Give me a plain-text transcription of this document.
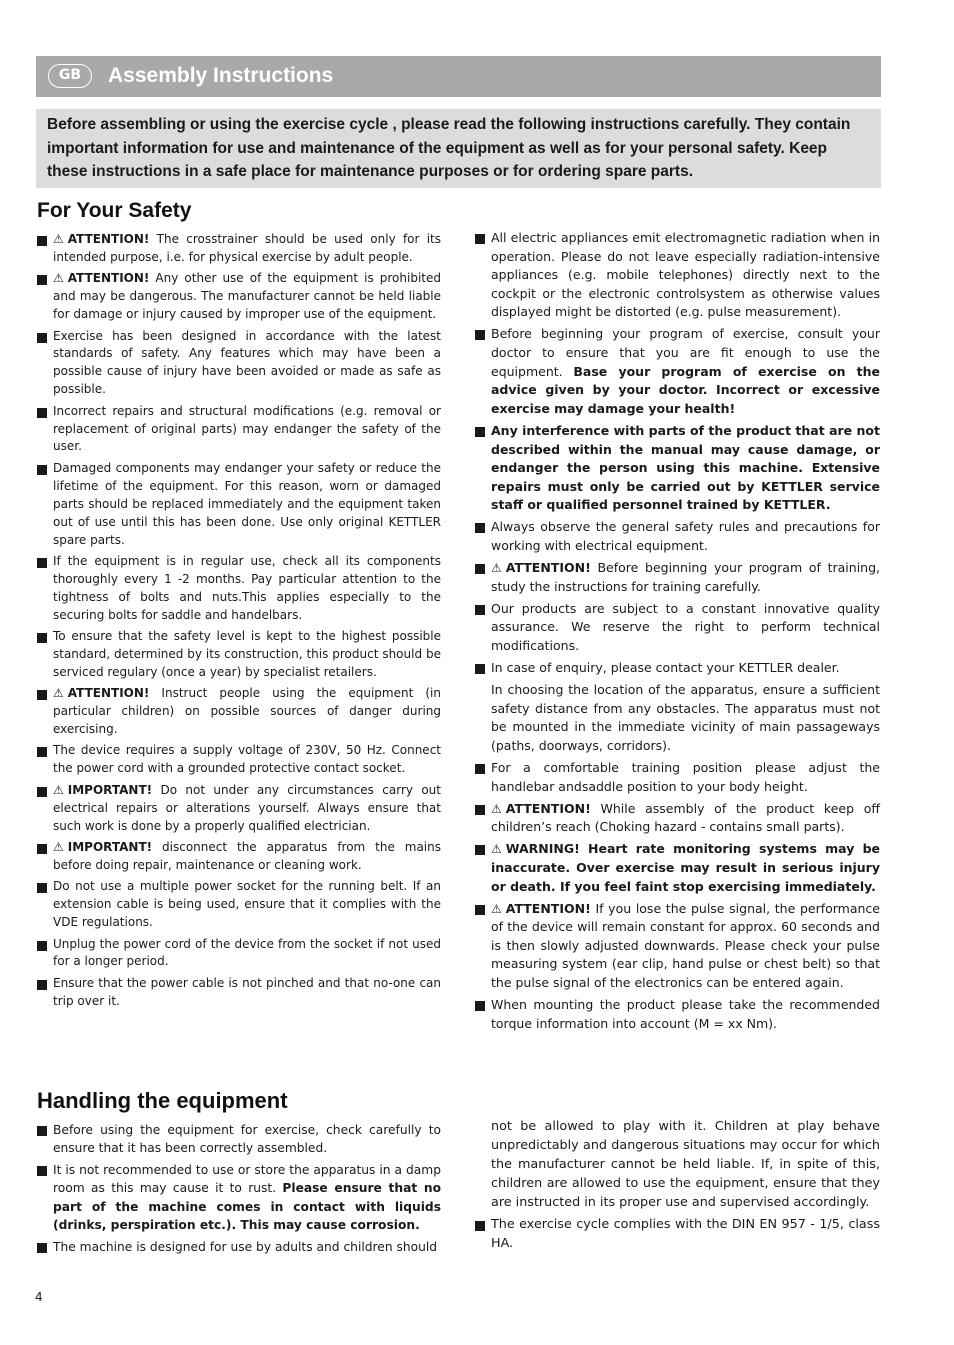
GB	Assembly Instructions
Before assembling or using the exercise cycle , please read the following instructions carefully. They contain important information for use and maintenance of the equipment as well as for your personal safety. Keep these instructions in a safe place for maintenance purposes or for ordering spare parts.
For Your Safety

⚠ ATTENTION! The crosstrainer should be used only for its intended purpose, i.e. for physical exercise by adult people.

⚠ ATTENTION! Any other use of the equipment is prohibited and may be dangerous. The manufacturer cannot be held liable for damage or injury caused by improper use of the equipment.

Exercise has been designed in accordance with the latest standards of safety. Any features which may have been a possible cause of injury have been avoided or made as safe as possible.

Incorrect repairs and structural modifications (e.g. removal or replacement of original parts) may endanger the safety of the user.

Damaged components may endanger your safety or reduce the lifetime of the equipment. For this reason, worn or damaged parts should be replaced immediately and the equipment taken out of use until this has been done. Use only original KETTLER spare parts.

If the equipment is in regular use, check all its components thoroughly every 1 -2 months. Pay particular attention to the tightness of bolts and nuts.This applies especially to the securing bolts for saddle and handelbars.

To ensure that the safety level is kept to the highest possible standard, determined by its construction, this product should be serviced regulary (once a year) by specialist retailers.

⚠ ATTENTION! Instruct people using the equipment (in particular children) on possible sources of danger during exercising.

The device requires a supply voltage of 230V, 50 Hz. Connect the power cord with a grounded protective contact socket.

⚠ IMPORTANT! Do not under any circumstances carry out electrical repairs or alterations yourself. Always ensure that such work is done by a properly qualified electrician.

⚠ IMPORTANT! disconnect the apparatus from the mains before doing repair, maintenance or cleaning work.

Do not use a multiple power socket for the running belt. If an extension cable is being used, ensure that it complies with the VDE regulations.

Unplug the power cord of the device from the socket if not used for a longer period.

Ensure that the power cable is not pinched and that no-one can trip over it.

All electric appliances emit electromagnetic radiation when in operation. Please do not leave especially radiation-intensive appliances (e.g. mobile telephones) directly next to the cockpit or the electronic controlsystem as otherwise values displayed might be distorted (e.g. pulse measurement).

Before beginning your program of exercise, consult your doctor to ensure that you are fit enough to use the equipment. Base your program of exercise on the advice given by your doctor. Incorrect or excessive exercise may damage your health!

Any interference with parts of the product that are not described within the manual may cause damage, or endanger the person using this machine. Extensive repairs must only be carried out by KETTLER service staff or qualified personnel trained by KETTLER.

Always observe the general safety rules and precautions for working with electrical equipment.

⚠ ATTENTION! Before beginning your program of training, study the instructions for training carefully.

Our products are subject to a constant innovative quality assurance. We reserve the right to perform technical modifications.

In case of enquiry, please contact your KETTLER dealer.

In choosing the location of the apparatus, ensure a sufficient safety distance from any obstacles. The apparatus must not be mounted in the immediate vicinity of main passageways (paths, doorways, corridors).

For a comfortable training position please adjust the handlebar andsaddle position to your body height.

⚠ ATTENTION! While assembly of the product keep off children’s reach (Choking hazard - contains small parts).

⚠ WARNING! Heart rate monitoring systems may be inaccurate. Over exercise may result in serious injury or death. If you feel faint stop exercising immediately.

⚠ ATTENTION! If you lose the pulse signal, the performance of the device will remain constant for approx. 60 seconds and is then slowly adjusted downwards. Please check your pulse measuring system (ear clip, hand pulse or chest belt) so that the pulse signal of the electronics can be entered again.

When mounting the product please take the recommended torque information into account (M = xx Nm).

Handling the equipment

Before using the equipment for exercise, check carefully to ensure that it has been correctly assembled.

It is not recommended to use or store the apparatus in a damp room as this may cause it to rust. Please ensure that no part of the machine comes in contact with liquids (drinks, perspiration etc.). This may cause corrosion.

The machine is designed for use by adults and children should

not be allowed to play with it. Children at play behave unpredictably and dangerous situations may occur for which the manufacturer cannot be held liable. If, in spite of this, children are allowed to use the equipment, ensure that they are instructed in its proper use and supervised accordingly.

The exercise cycle complies with the DIN EN 957 - 1/5, class HA.

4
